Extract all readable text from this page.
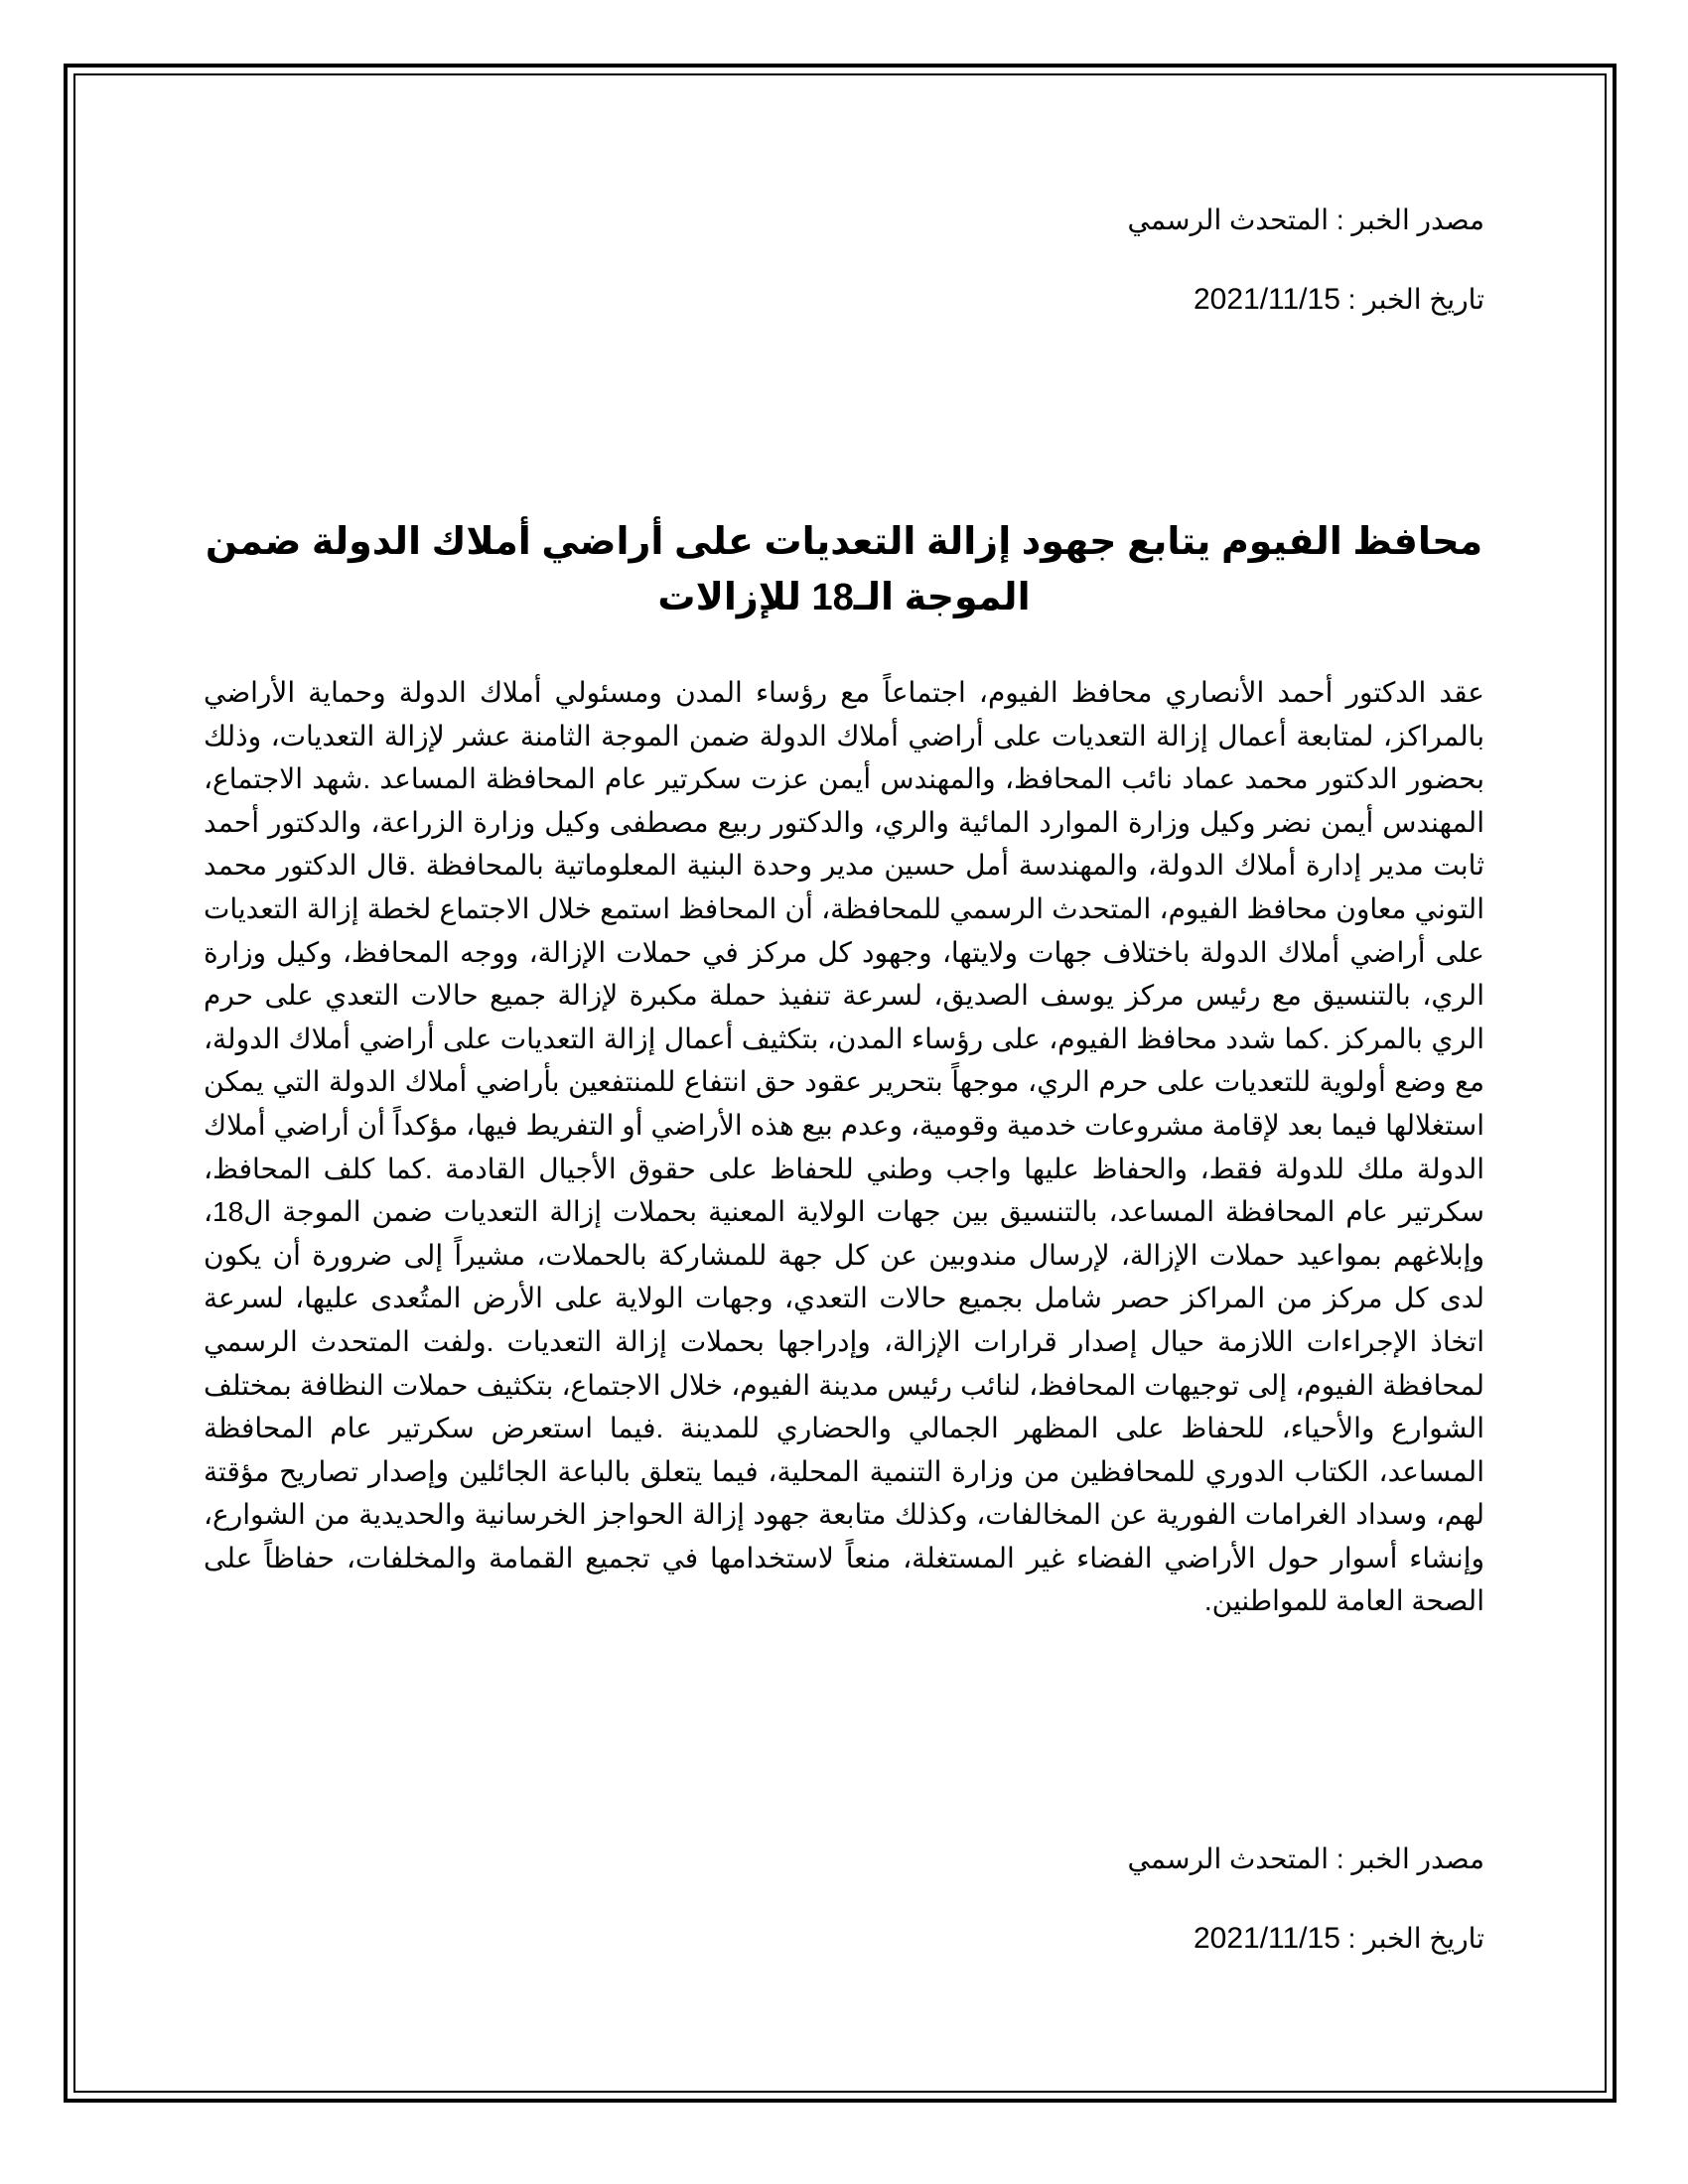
مصدر الخبر : المتحدث الرسمي
تاريخ الخبر : 2021/11/15
محافظ الفيوم يتابع جهود إزالة التعديات على أراضي أملاك الدولة ضمن الموجة الـ18 للإزالات
عقد الدكتور أحمد الأنصاري محافظ الفيوم، اجتماعاً مع رؤساء المدن ومسئولي أملاك الدولة وحماية الأراضي بالمراكز، لمتابعة أعمال إزالة التعديات على أراضي أملاك الدولة ضمن الموجة الثامنة عشر لإزالة التعديات، وذلك بحضور الدكتور محمد عماد نائب المحافظ، والمهندس أيمن عزت سكرتير عام المحافظة المساعد .شهد الاجتماع، المهندس أيمن نضر وكيل وزارة الموارد المائية والري، والدكتور ربيع مصطفى وكيل وزارة الزراعة، والدكتور أحمد ثابت مدير إدارة أملاك الدولة، والمهندسة أمل حسين مدير وحدة البنية المعلوماتية بالمحافظة .قال الدكتور محمد التوني معاون محافظ الفيوم، المتحدث الرسمي للمحافظة، أن المحافظ استمع خلال الاجتماع لخطة إزالة التعديات على أراضي أملاك الدولة باختلاف جهات ولايتها، وجهود كل مركز في حملات الإزالة، ووجه المحافظ، وكيل وزارة الري، بالتنسيق مع رئيس مركز يوسف الصديق، لسرعة تنفيذ حملة مكبرة لإزالة جميع حالات التعدي على حرم الري بالمركز .كما شدد محافظ الفيوم، على رؤساء المدن، بتكثيف أعمال إزالة التعديات على أراضي أملاك الدولة، مع وضع أولوية للتعديات على حرم الري، موجهاً بتحرير عقود حق انتفاع للمنتفعين بأراضي أملاك الدولة التي يمكن استغلالها فيما بعد لإقامة مشروعات خدمية وقومية، وعدم بيع هذه الأراضي أو التفريط فيها، مؤكداً أن أراضي أملاك الدولة ملك للدولة فقط، والحفاظ عليها واجب وطني للحفاظ على حقوق الأجيال القادمة .كما كلف المحافظ، سكرتير عام المحافظة المساعد، بالتنسيق بين جهات الولاية المعنية بحملات إزالة التعديات ضمن الموجة ال18، وإبلاغهم بمواعيد حملات الإزالة، لإرسال مندوبين عن كل جهة للمشاركة بالحملات، مشيراً إلى ضرورة أن يكون لدى كل مركز من المراكز حصر شامل بجميع حالات التعدي، وجهات الولاية على الأرض المتُعدى عليها، لسرعة اتخاذ الإجراءات اللازمة حيال إصدار قرارات الإزالة، وإدراجها بحملات إزالة التعديات .ولفت المتحدث الرسمي لمحافظة الفيوم، إلى توجيهات المحافظ، لنائب رئيس مدينة الفيوم، خلال الاجتماع، بتكثيف حملات النظافة بمختلف الشوارع والأحياء، للحفاظ على المظهر الجمالي والحضاري للمدينة .فيما استعرض سكرتير عام المحافظة المساعد، الكتاب الدوري للمحافظين من وزارة التنمية المحلية، فيما يتعلق بالباعة الجائلين وإصدار تصاريح مؤقتة لهم، وسداد الغرامات الفورية عن المخالفات، وكذلك متابعة جهود إزالة الحواجز الخرسانية والحديدية من الشوارع، وإنشاء أسوار حول الأراضي الفضاء غير المستغلة، منعاً لاستخدامها في تجميع القمامة والمخلفات، حفاظاً على الصحة العامة للمواطنين.
مصدر الخبر : المتحدث الرسمي
تاريخ الخبر : 2021/11/15
